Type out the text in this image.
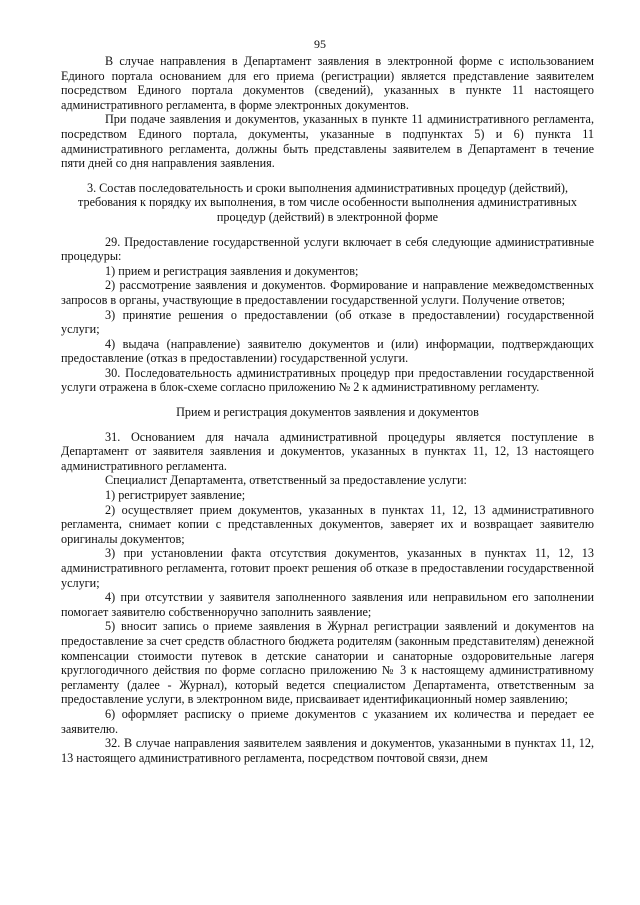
95

В случае направления в Департамент заявления в электронной форме с использованием Единого портала основанием для его приема (регистрации) является представление заявителем посредством Единого портала документов (сведений), указанных в пункте 11 настоящего административного регламента, в форме электронных документов.

При подаче заявления и документов, указанных в пункте 11 административного регламента, посредством Единого портала, документы, указанные в подпунктах 5) и 6) пункта 11 административного регламента, должны быть представлены заявителем в Департамент в течение пяти дней со дня направления заявления.

3. Состав последовательность и сроки выполнения административных процедур (действий), требования к порядку их выполнения, в том числе особенности выполнения административных процедур (действий) в электронной форме

29. Предоставление государственной услуги включает в себя следующие административные процедуры:

1) прием и регистрация заявления и документов;

2) рассмотрение заявления и документов. Формирование и направление межведомственных запросов в органы, участвующие в предоставлении государственной услуги. Получение ответов;

3) принятие решения о предоставлении (об отказе в предоставлении) государственной услуги;

4) выдача (направление) заявителю документов и (или) информации, подтверждающих предоставление (отказ в предоставлении) государственной услуги.

30. Последовательность административных процедур при предоставлении государственной услуги отражена в блок-схеме согласно приложению № 2 к административному регламенту.

Прием и регистрация документов заявления и документов

31. Основанием для начала административной процедуры является поступление в Департамент от заявителя заявления и документов, указанных в пунктах 11, 12, 13 настоящего административного регламента.

Специалист Департамента, ответственный за предоставление услуги:

1) регистрирует заявление;

2) осуществляет прием документов, указанных в пунктах 11, 12, 13 административного регламента, снимает копии с представленных документов, заверяет их и возвращает заявителю оригиналы документов;

3) при установлении факта отсутствия документов, указанных в пунктах 11, 12, 13 административного регламента, готовит проект решения об отказе в предоставлении государственной услуги;

4) при отсутствии у заявителя заполненного заявления или неправильном его заполнении помогает заявителю собственноручно заполнить заявление;

5) вносит запись о приеме заявления в Журнал регистрации заявлений и документов на предоставление за счет средств областного бюджета родителям (законным представителям) денежной компенсации стоимости путевок в детские санатории и санаторные оздоровительные лагеря круглогодичного действия по форме согласно приложению № 3 к настоящему административному регламенту (далее - Журнал), который ведется специалистом Департамента, ответственным за предоставление услуги, в электронном виде, присваивает идентификационный номер заявлению;

6) оформляет расписку о приеме документов с указанием их количества и передает ее заявителю.

32. В случае направления заявителем заявления и документов, указанными в пунктах 11, 12, 13 настоящего административного регламента, посредством почтовой связи, днем
